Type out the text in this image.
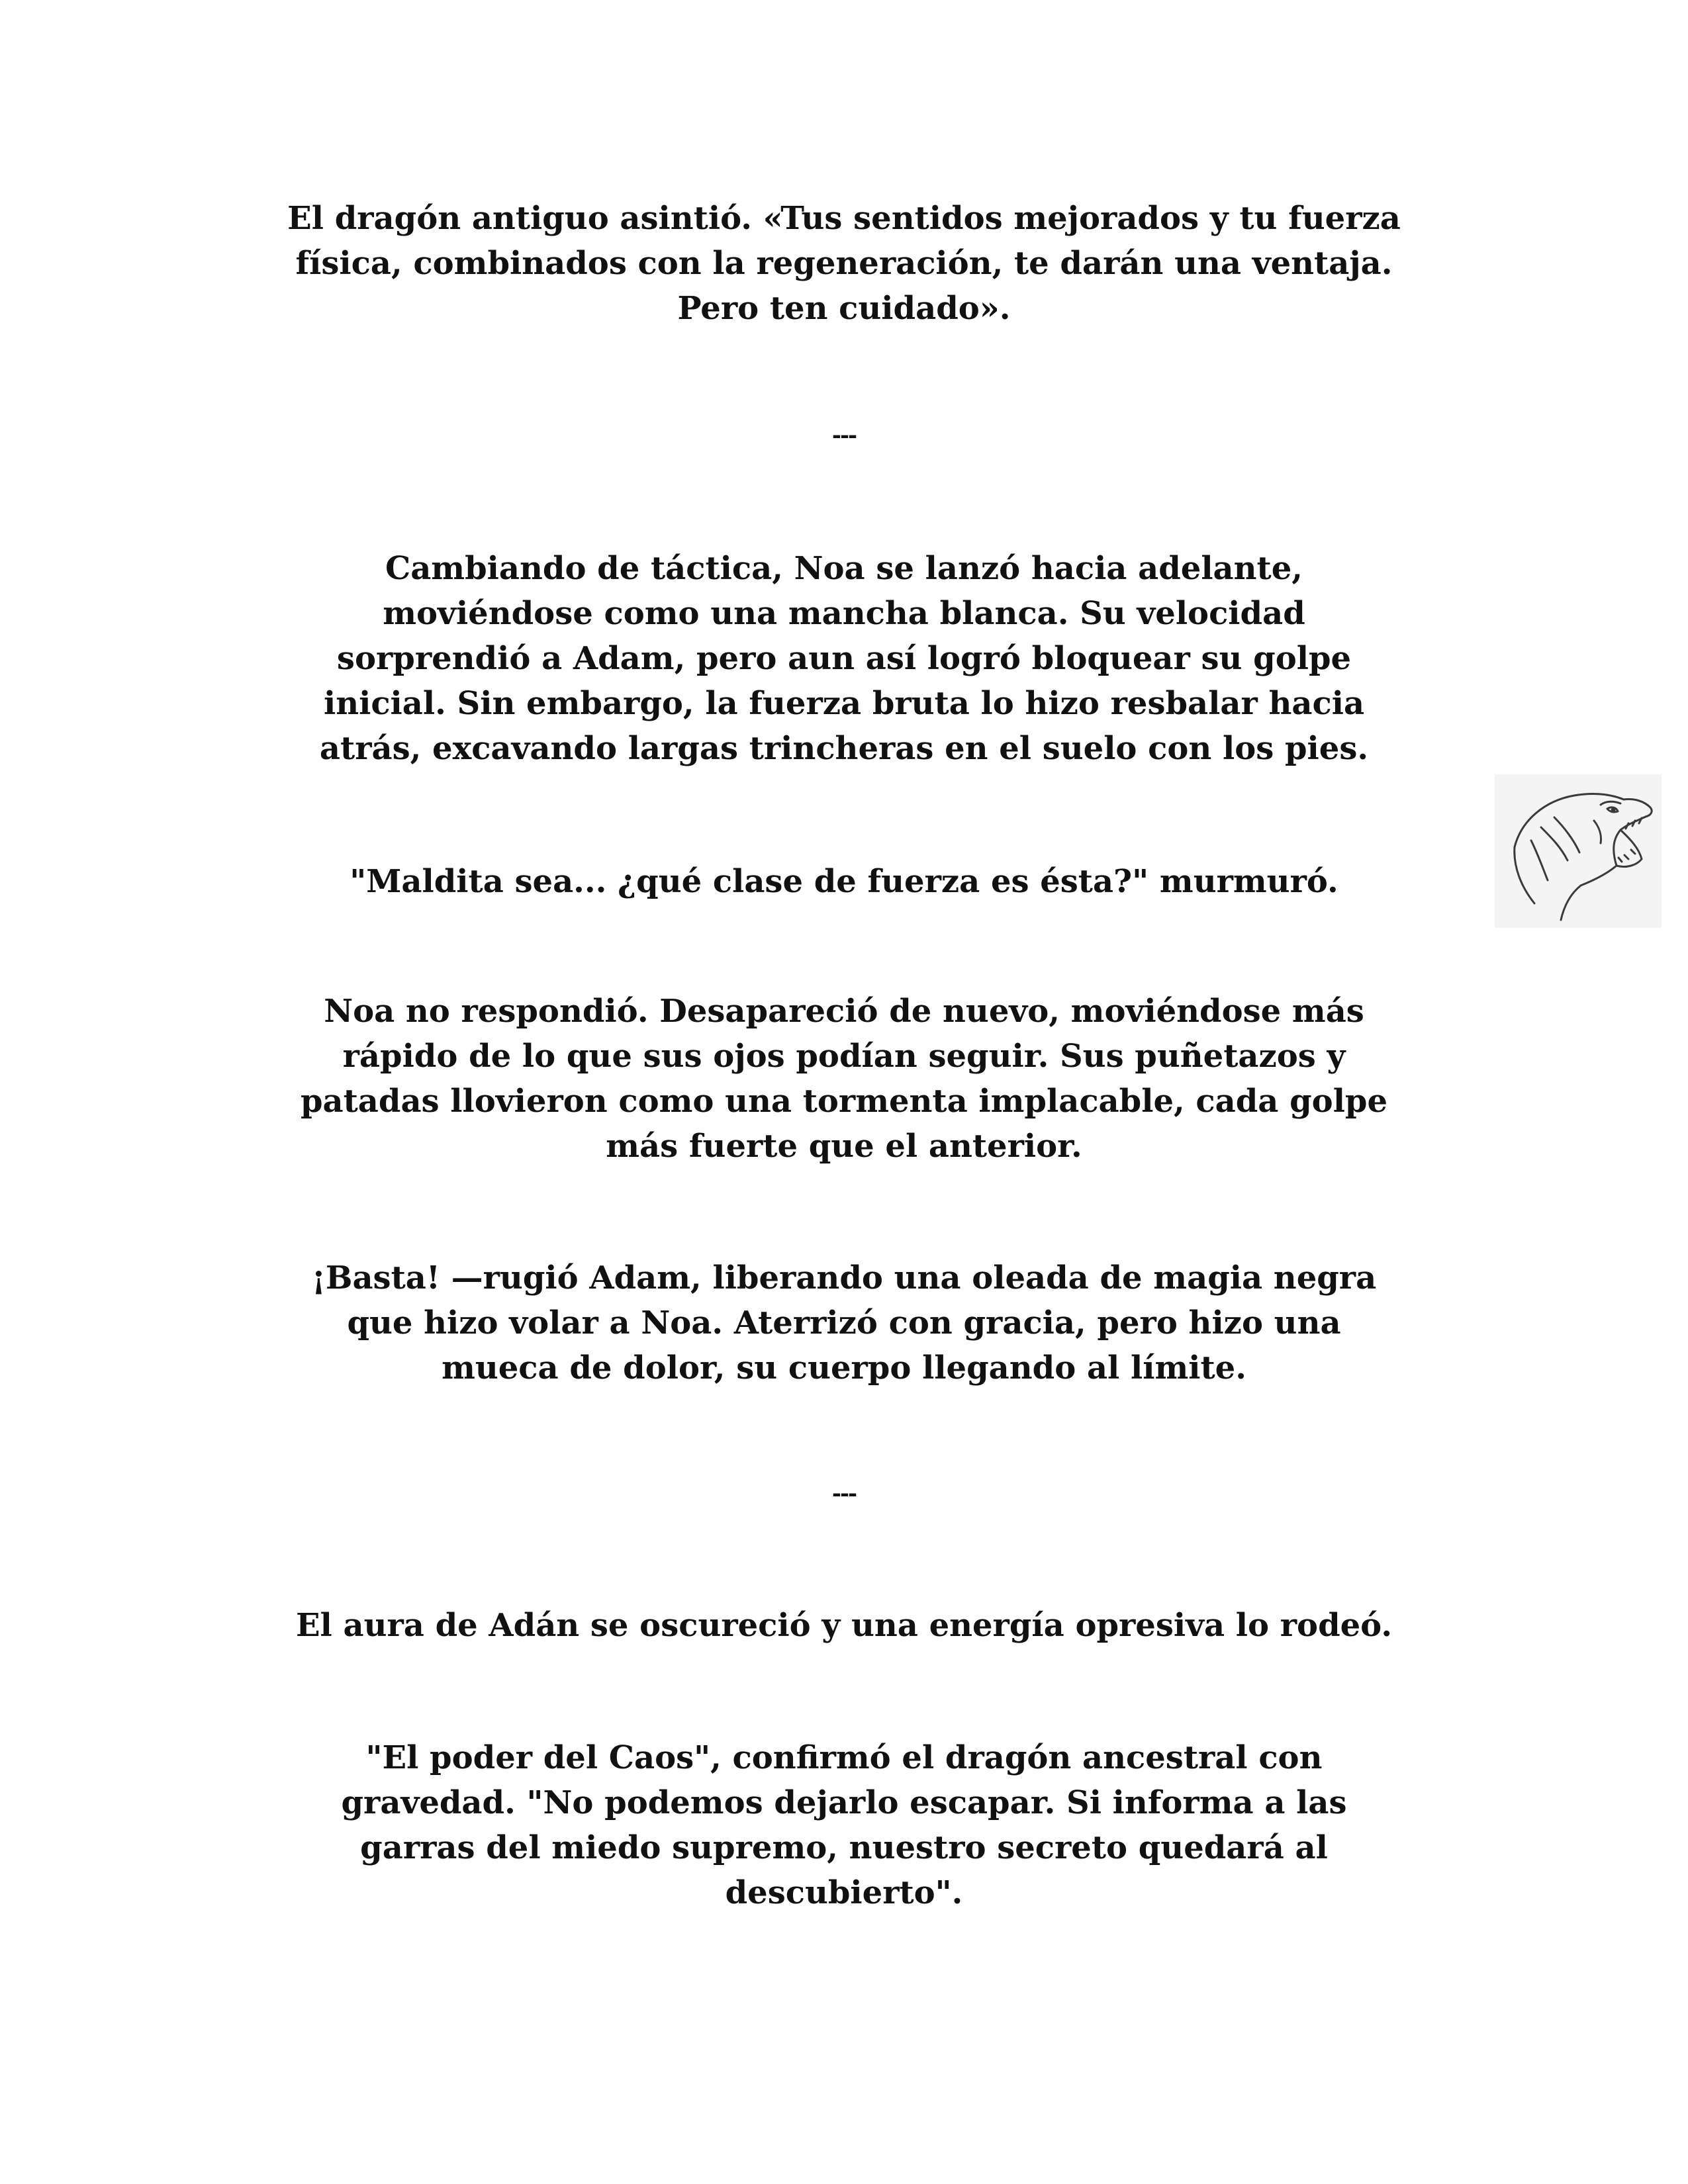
El dragón antiguo asintió. «Tus sentidos mejorados y tu fuerza
física, combinados con la regeneración, te darán una ventaja.
Pero ten cuidado».

---

Cambiando de táctica, Noa se lanzó hacia adelante,
moviéndose como una mancha blanca. Su velocidad
sorprendió a Adam, pero aun así logró bloquear su golpe
inicial. Sin embargo, la fuerza bruta lo hizo resbalar hacia
atrás, excavando largas trincheras en el suelo con los pies.

"Maldita sea... ¿qué clase de fuerza es ésta?" murmuró.

Noa no respondió. Desapareció de nuevo, moviéndose más
rápido de lo que sus ojos podían seguir. Sus puñetazos y
patadas llovieron como una tormenta implacable, cada golpe
más fuerte que el anterior.

¡Basta! —rugió Adam, liberando una oleada de magia negra
que hizo volar a Noa. Aterrizó con gracia, pero hizo una
mueca de dolor, su cuerpo llegando al límite.

---

El aura de Adán se oscureció y una energía opresiva lo rodeó.

"El poder del Caos", confirmó el dragón ancestral con
gravedad. "No podemos dejarlo escapar. Si informa a las
garras del miedo supremo, nuestro secreto quedará al
descubierto".
